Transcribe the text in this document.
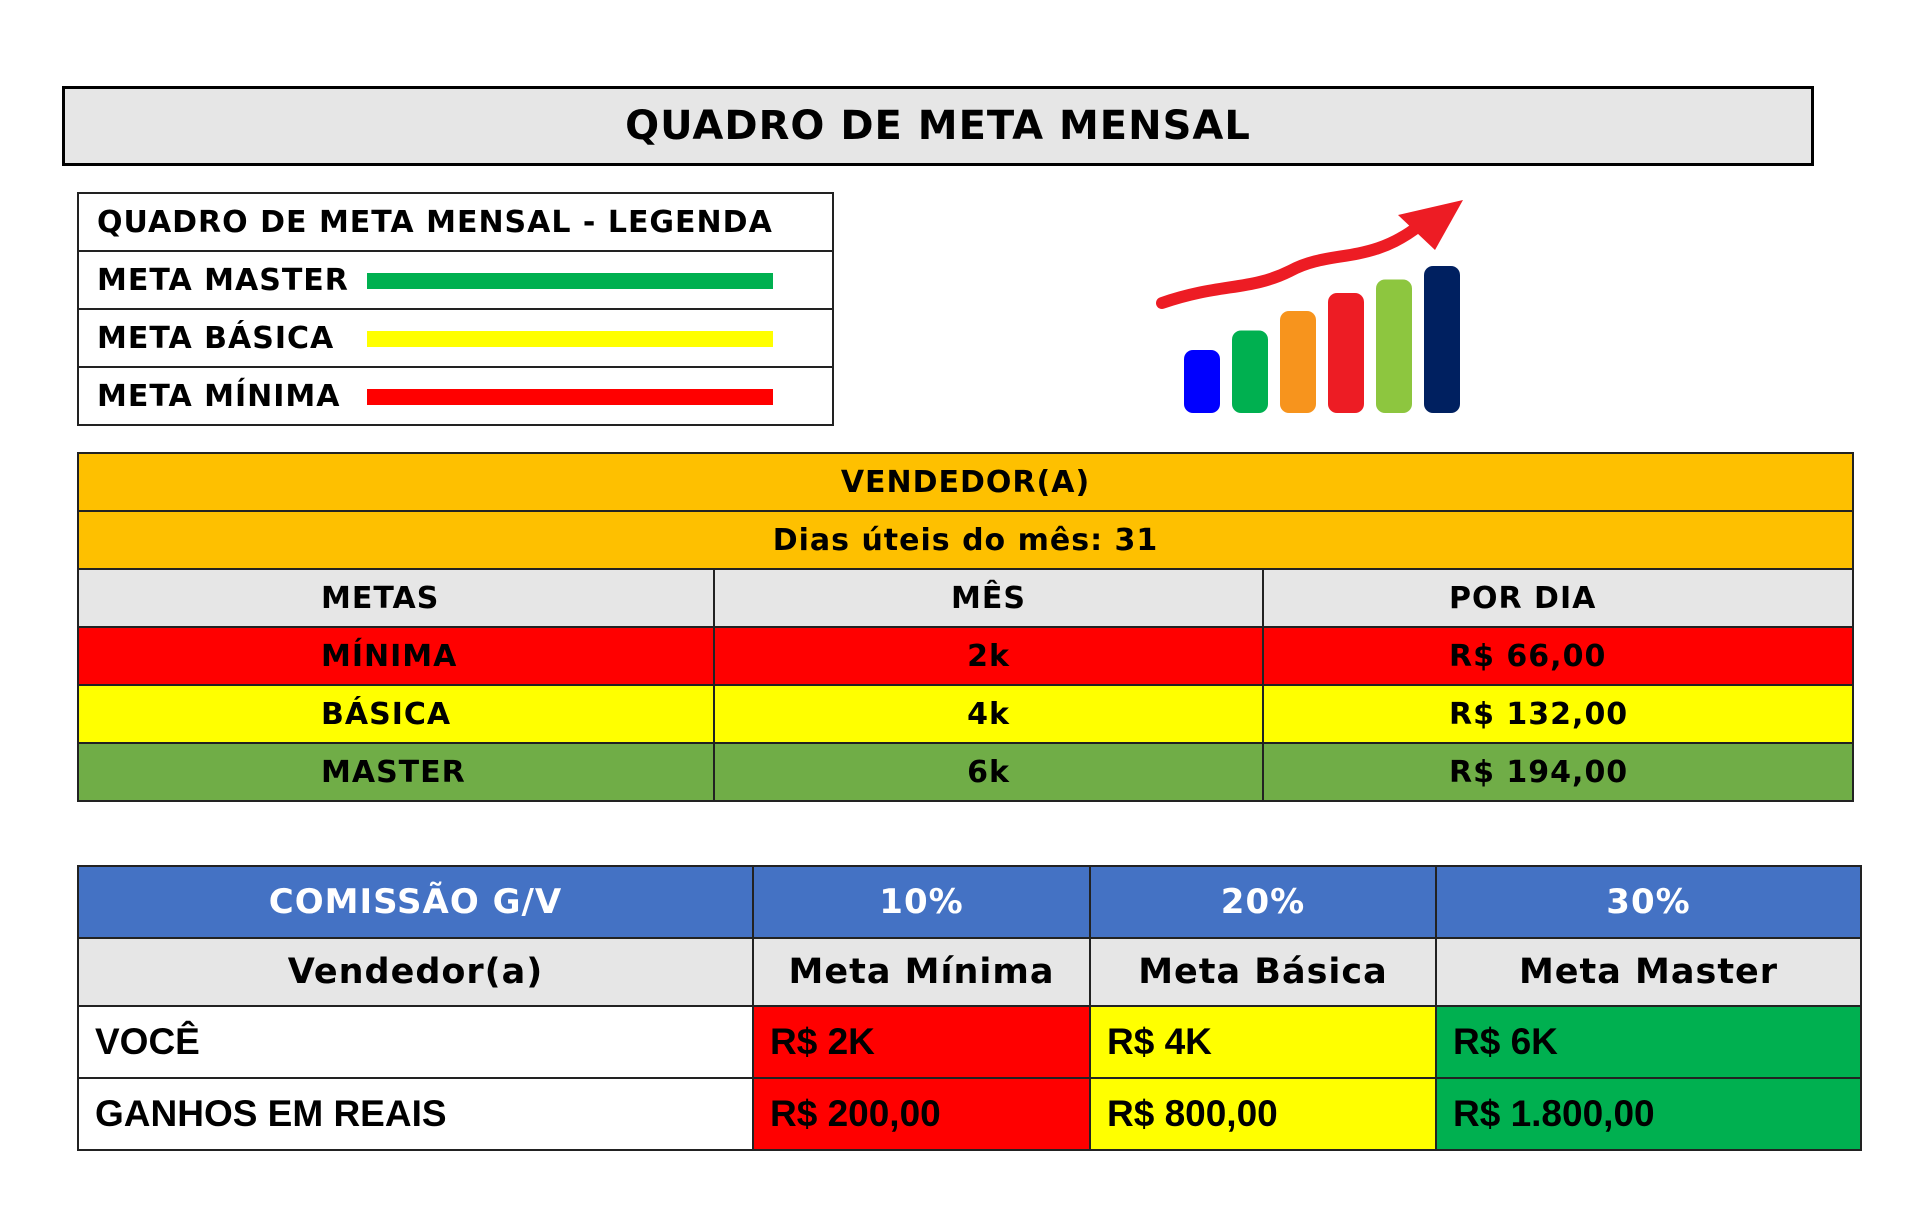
QUADRO DE META MENSAL
QUADRO DE META MENSAL - LEGENDA
META MASTER
META BÁSICA
META MÍNIMA
VENDEDOR(A)		
Dias úteis do mês: 31		
METAS	MÊS	POR DIA
MÍNIMA	2k	R$ 66,00
BÁSICA	4k	R$ 132,00
MASTER	6k	R$ 194,00
COMISSÃO G/V	10%	20%	30%
Vendedor(a)	Meta Mínima	Meta Básica	Meta Master
VOCÊ	R$ 2K	R$ 4K	R$ 6K
GANHOS EM REAIS	R$ 200,00	R$ 800,00	R$ 1.800,00
